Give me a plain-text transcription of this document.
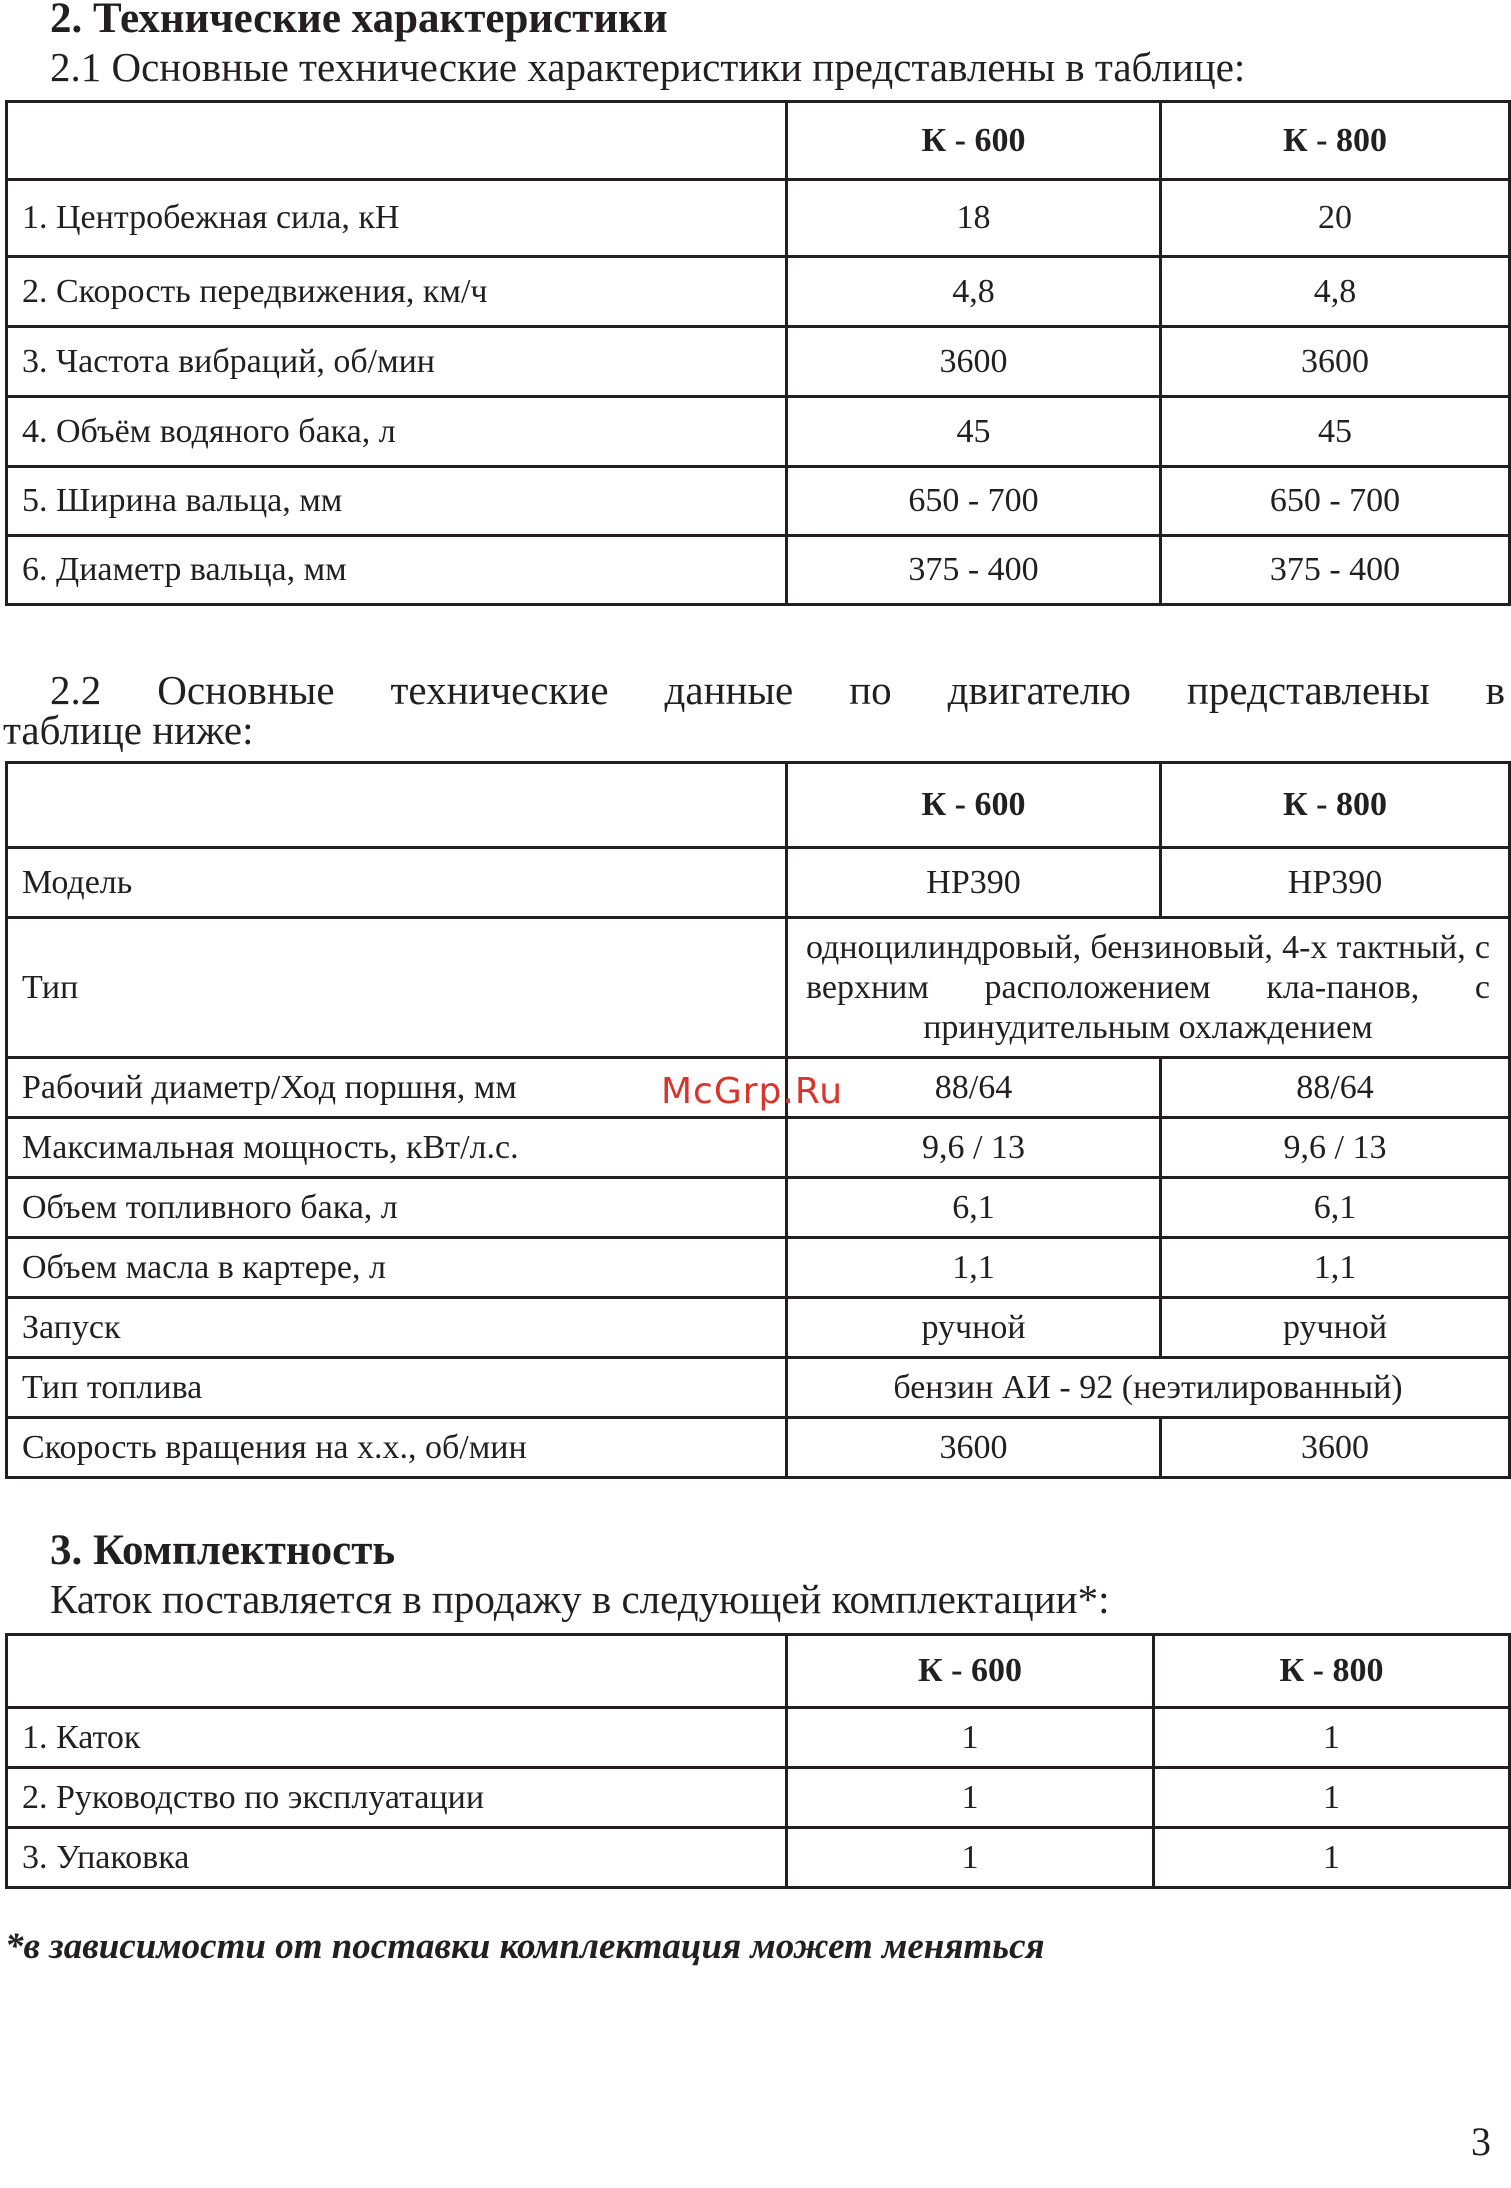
2. Технические характеристики
2.1 Основные технические характеристики представлены в таблице:
	К - 600	К - 800
1. Центробежная сила, кН	18	20
2. Скорость передвижения, км/ч	4,8	4,8
3. Частота вибраций, об/мин	3600	3600
4. Объём водяного бака, л	45	45
5. Ширина вальца, мм	650 - 700	650 - 700
6. Диаметр вальца, мм	375 - 400	375 - 400
2.2 Основные технические данные по двигателю представлены в
таблице ниже:
	К - 600	К - 800
Модель	HP390	HP390
Тип	одноцилиндровый, бензиновый, 4-х тактный, с верхним расположением кла-панов, с принудительным охлаждением	
Рабочий диаметр/Ход поршня, мм	88/64	88/64
Максимальная мощность, кВт/л.с.	9,6 / 13	9,6 / 13
Объем топливного бака, л	6,1	6,1
Объем масла в картере, л	1,1	1,1
Запуск	ручной	ручной
Тип топлива	бензин АИ - 92 (неэтилированный)	
Скорость вращения на х.х., об/мин	3600	3600
McGrp.Ru
3. Комплектность
Каток поставляется в продажу в следующей комплектации*:
	К - 600	К - 800
1. Каток	1	1
2. Руководство по эксплуатации	1	1
3. Упаковка	1	1
*в зависимости от поставки комплектация может меняться
3
